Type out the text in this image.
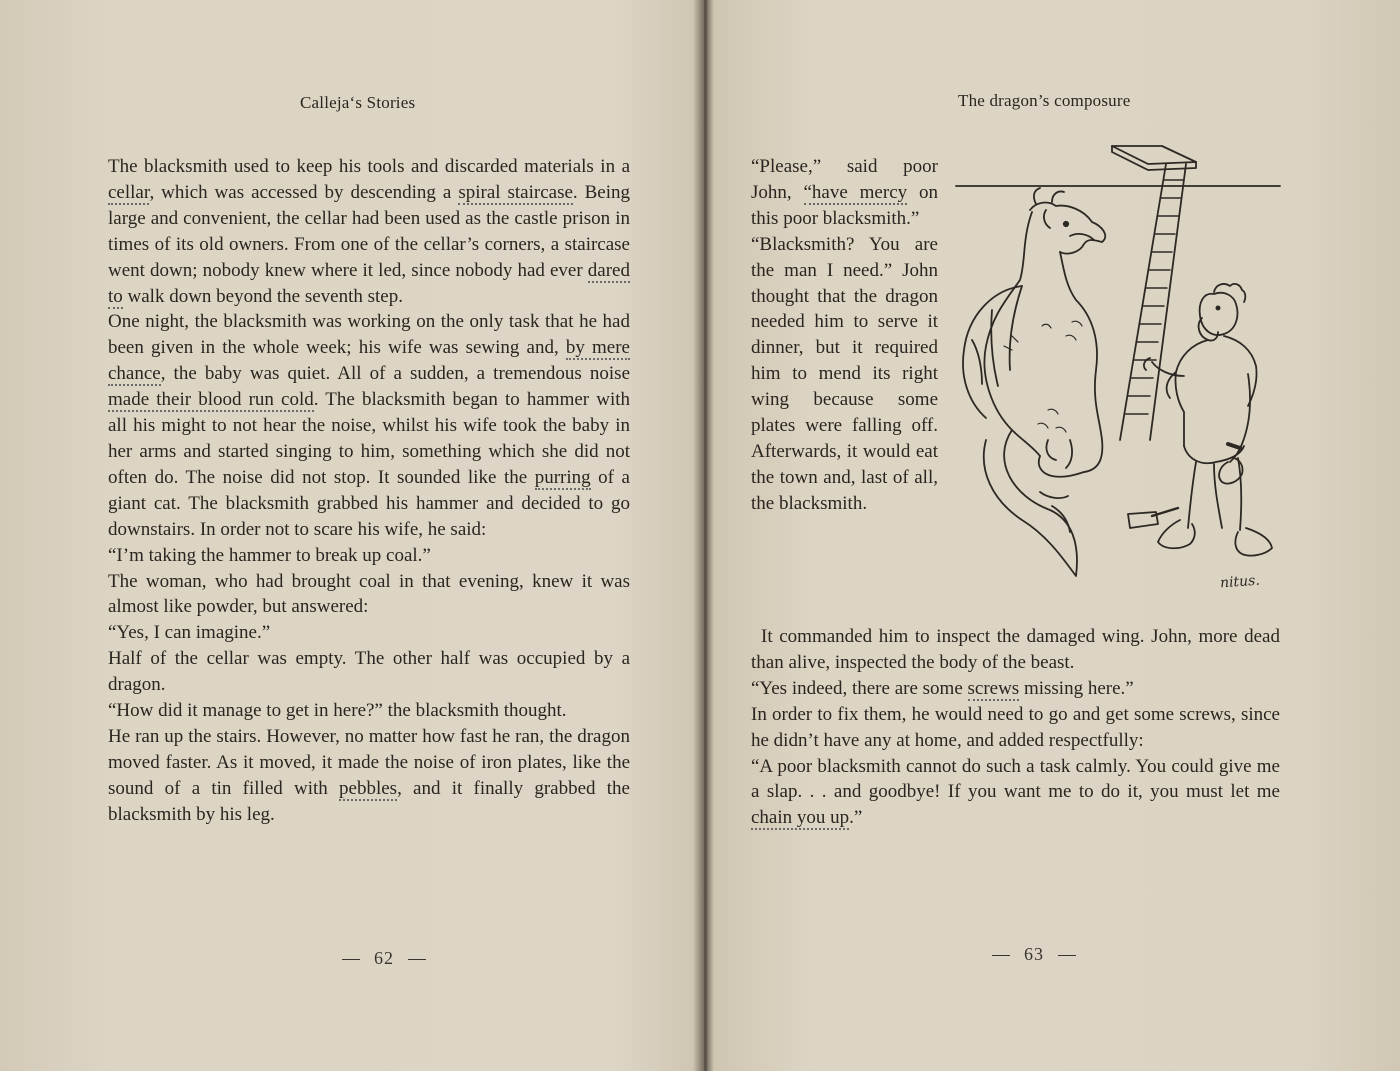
Calleja‘s Stories

The blacksmith used to keep his tools and discarded materials in a cellar, which was accessed by descending a spiral staircase. Being large and convenient, the cellar had been used as the castle prison in times of its old owners. From one of the cellar’s corners, a staircase went down; nobody knew where it led, since nobody had ever dared to walk down beyond the seventh step.

One night, the blacksmith was working on the only task that he had been given in the whole week; his wife was sewing and, by mere chance, the baby was quiet. All of a sudden, a tremendous noise made their blood run cold. The blacksmith began to hammer with all his might to not hear the noise, whilst his wife took the baby in her arms and started singing to him, something which she did not often do. The noise did not stop. It sounded like the purring of a giant cat. The blacksmith grabbed his hammer and decided to go downstairs. In order not to scare his wife, he said:

“I’m taking the hammer to break up coal.”

The woman, who had brought coal in that evening, knew it was almost like powder, but answered:

“Yes, I can imagine.”

Half of the cellar was empty. The other half was occupied by a dragon.

“How did it manage to get in here?” the blacksmith thought.

He ran up the stairs. However, no matter how fast he ran, the dragon moved faster. As it moved, it made the noise of iron plates, like the sound of a tin filled with pebbles, and it finally grabbed the blacksmith by his leg.

62
The dragon’s composure

“Please,” said poor John, “have mercy on this poor blacksmith.”

“Blacksmith? You are the man I need.” John thought that the dragon needed him to serve it dinner, but it required him to mend its right wing because some plates were falling off. Afterwards, it would eat the town and, last of all, the blacksmith.

nitus.

It commanded him to inspect the damaged wing. John, more dead than alive, inspected the body of the beast.

“Yes indeed, there are some screws missing here.”

In order to fix them, he would need to go and get some screws, since he didn’t have any at home, and added respectfully:

“A poor blacksmith cannot do such a task calmly. You could give me a slap. . . and goodbye! If you want me to do it, you must let me chain you up.”

63
